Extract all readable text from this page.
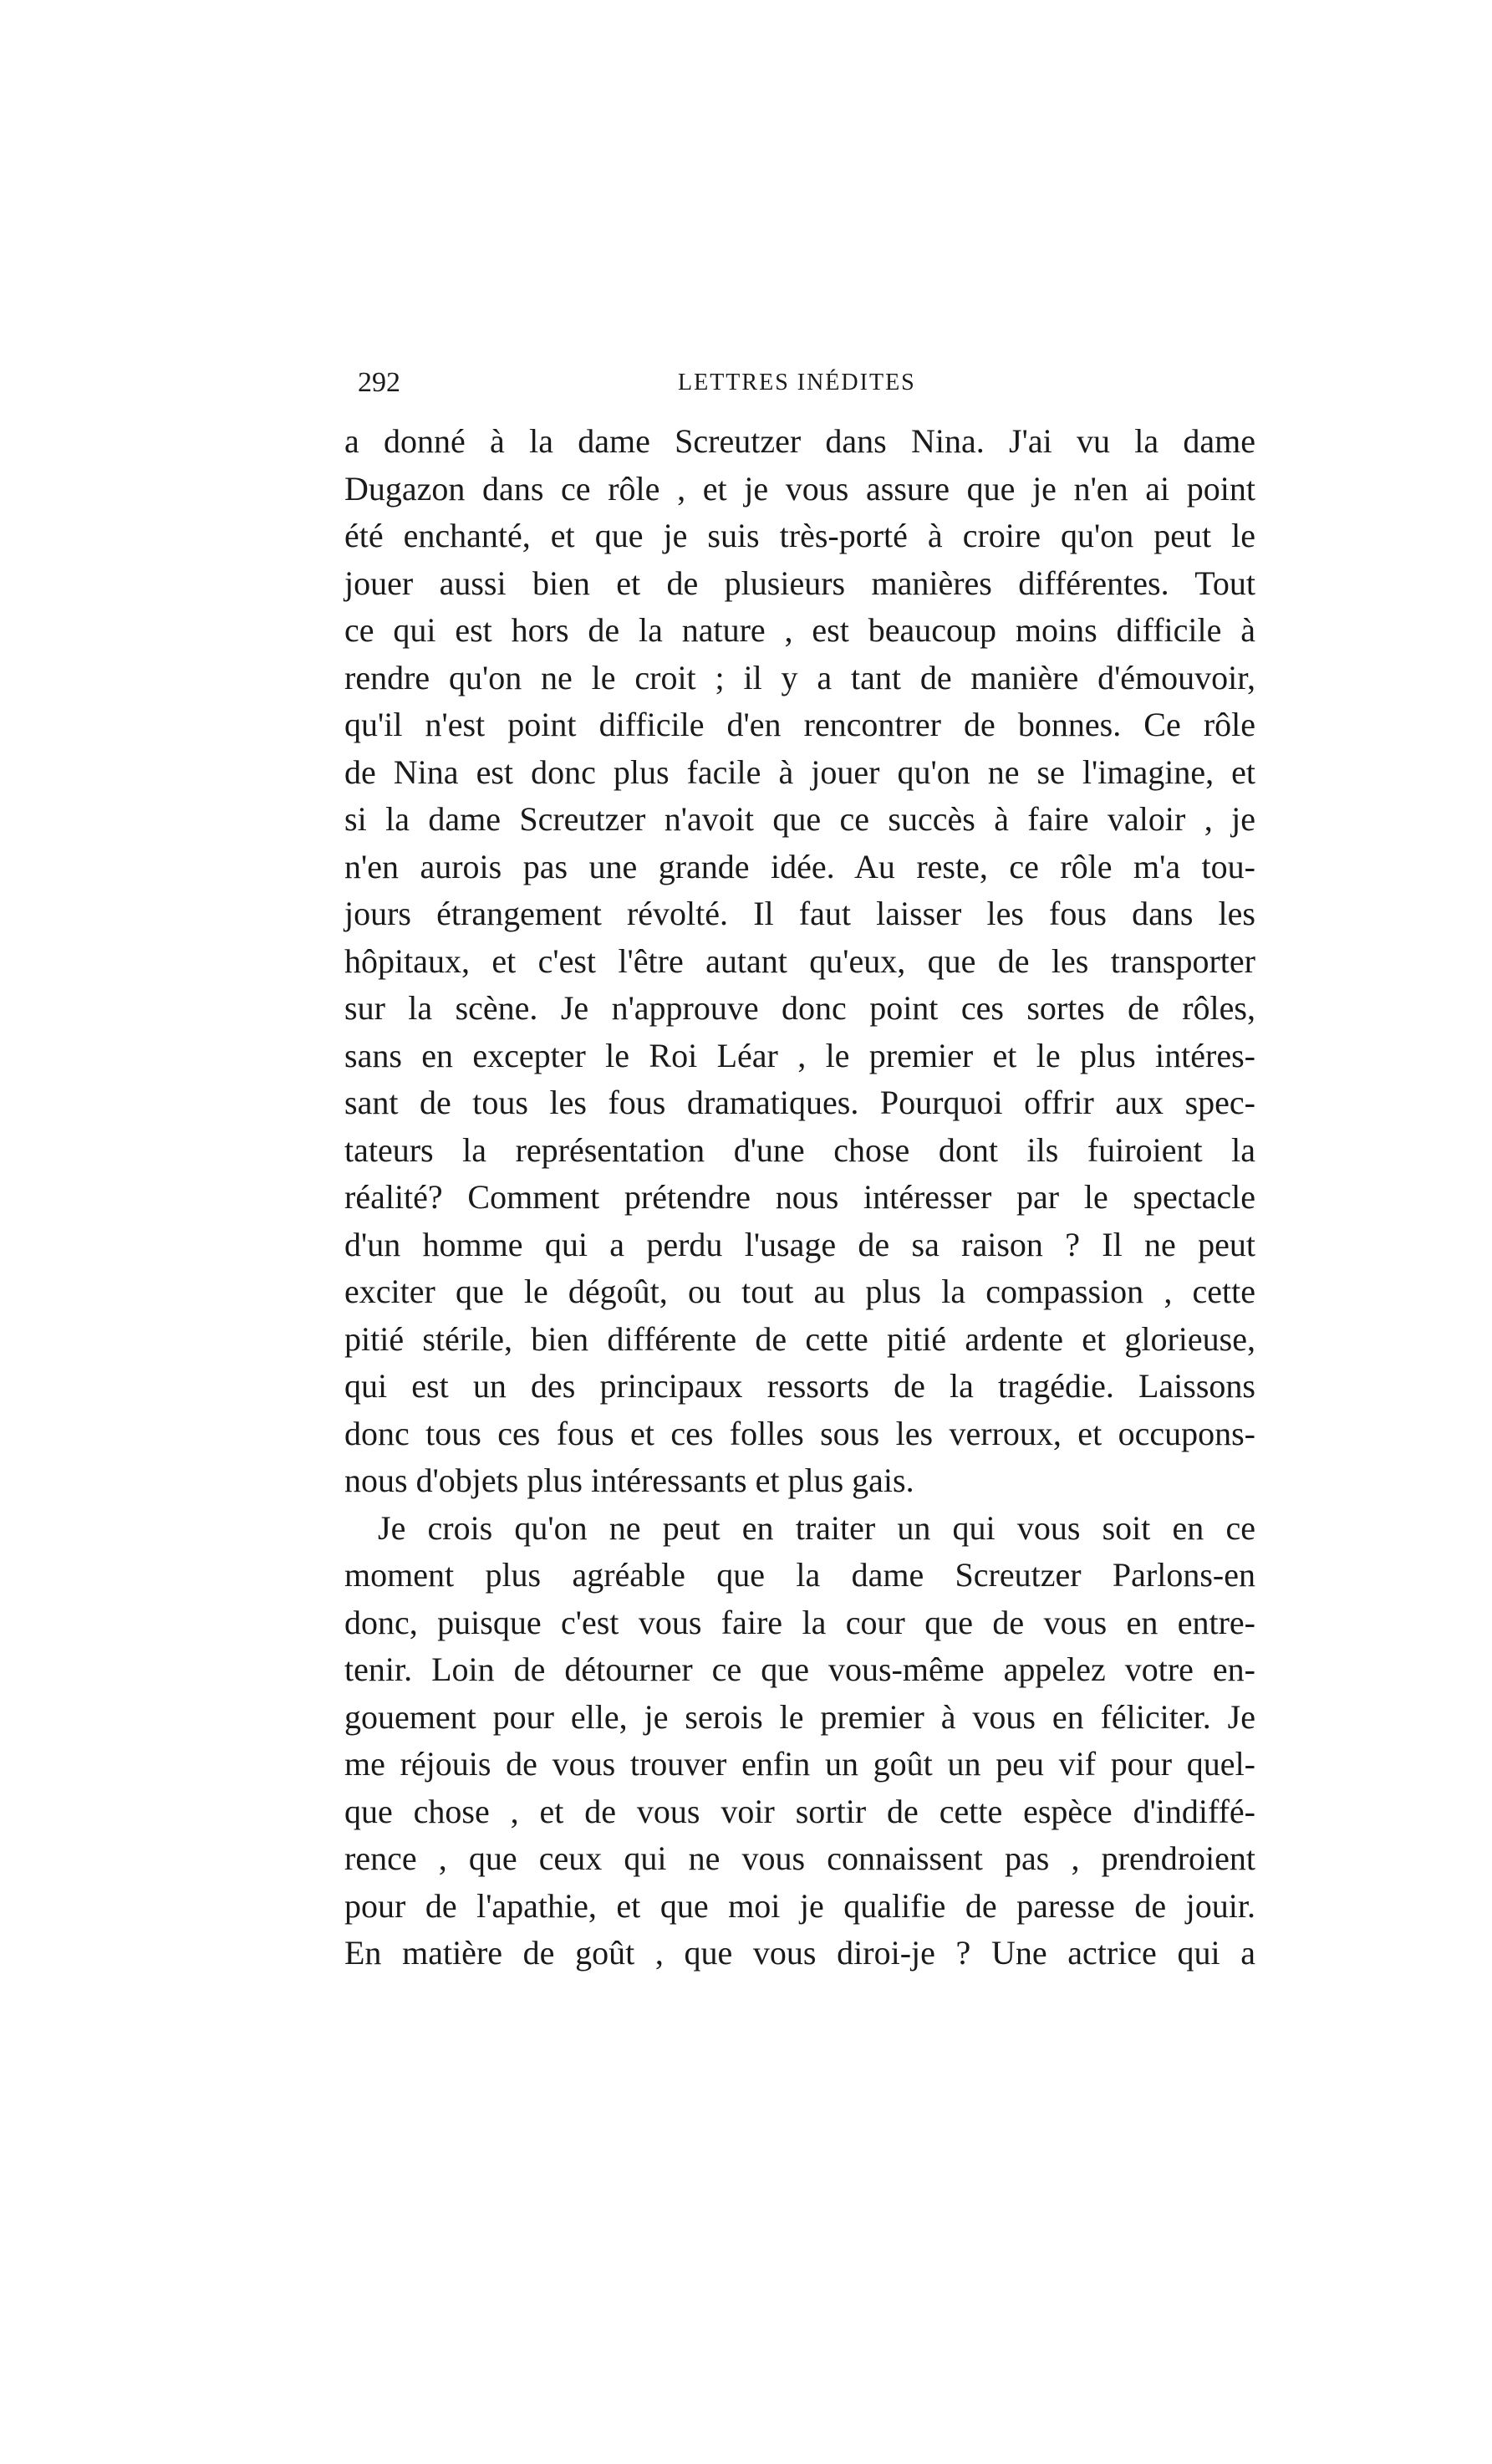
292	LETTRES INÉDITES

a donné à la dame Screutzer dans Nina. J'ai vu la dame
Dugazon dans ce rôle , et je vous assure que je n'en ai point
été enchanté, et que je suis très-porté à croire qu'on peut le
jouer aussi bien et de plusieurs manières différentes. Tout
ce qui est hors de la nature , est beaucoup moins difficile à
rendre qu'on ne le croit ; il y a tant de manière d'émouvoir,
qu'il n'est point difficile d'en rencontrer de bonnes. Ce rôle
de Nina est donc plus facile à jouer qu'on ne se l'imagine, et
si la dame Screutzer n'avoit que ce succès à faire valoir , je
n'en aurois pas une grande idée. Au reste, ce rôle m'a tou-
jours étrangement révolté. Il faut laisser les fous dans les
hôpitaux, et c'est l'être autant qu'eux, que de les transporter
sur la scène. Je n'approuve donc point ces sortes de rôles,
sans en excepter le Roi Léar , le premier et le plus intéres-
sant de tous les fous dramatiques. Pourquoi offrir aux spec-
tateurs la représentation d'une chose dont ils fuiroient la
réalité? Comment prétendre nous intéresser par le spectacle
d'un homme qui a perdu l'usage de sa raison ? Il ne peut
exciter que le dégoût, ou tout au plus la compassion , cette
pitié stérile, bien différente de cette pitié ardente et glorieuse,
qui est un des principaux ressorts de la tragédie. Laissons
donc tous ces fous et ces folles sous les verroux, et occupons-
nous d'objets plus intéressants et plus gais.

Je crois qu'on ne peut en traiter un qui vous soit en ce
moment plus agréable que la dame Screutzer Parlons-en
donc, puisque c'est vous faire la cour que de vous en entre-
tenir. Loin de détourner ce que vous-même appelez votre en-
gouement pour elle, je serois le premier à vous en féliciter. Je
me réjouis de vous trouver enfin un goût un peu vif pour quel-
que chose , et de vous voir sortir de cette espèce d'indiffé-
rence , que ceux qui ne vous connaissent pas , prendroient
pour de l'apathie, et que moi je qualifie de paresse de jouir.
En matière de goût , que vous diroi-je ? Une actrice qui a
